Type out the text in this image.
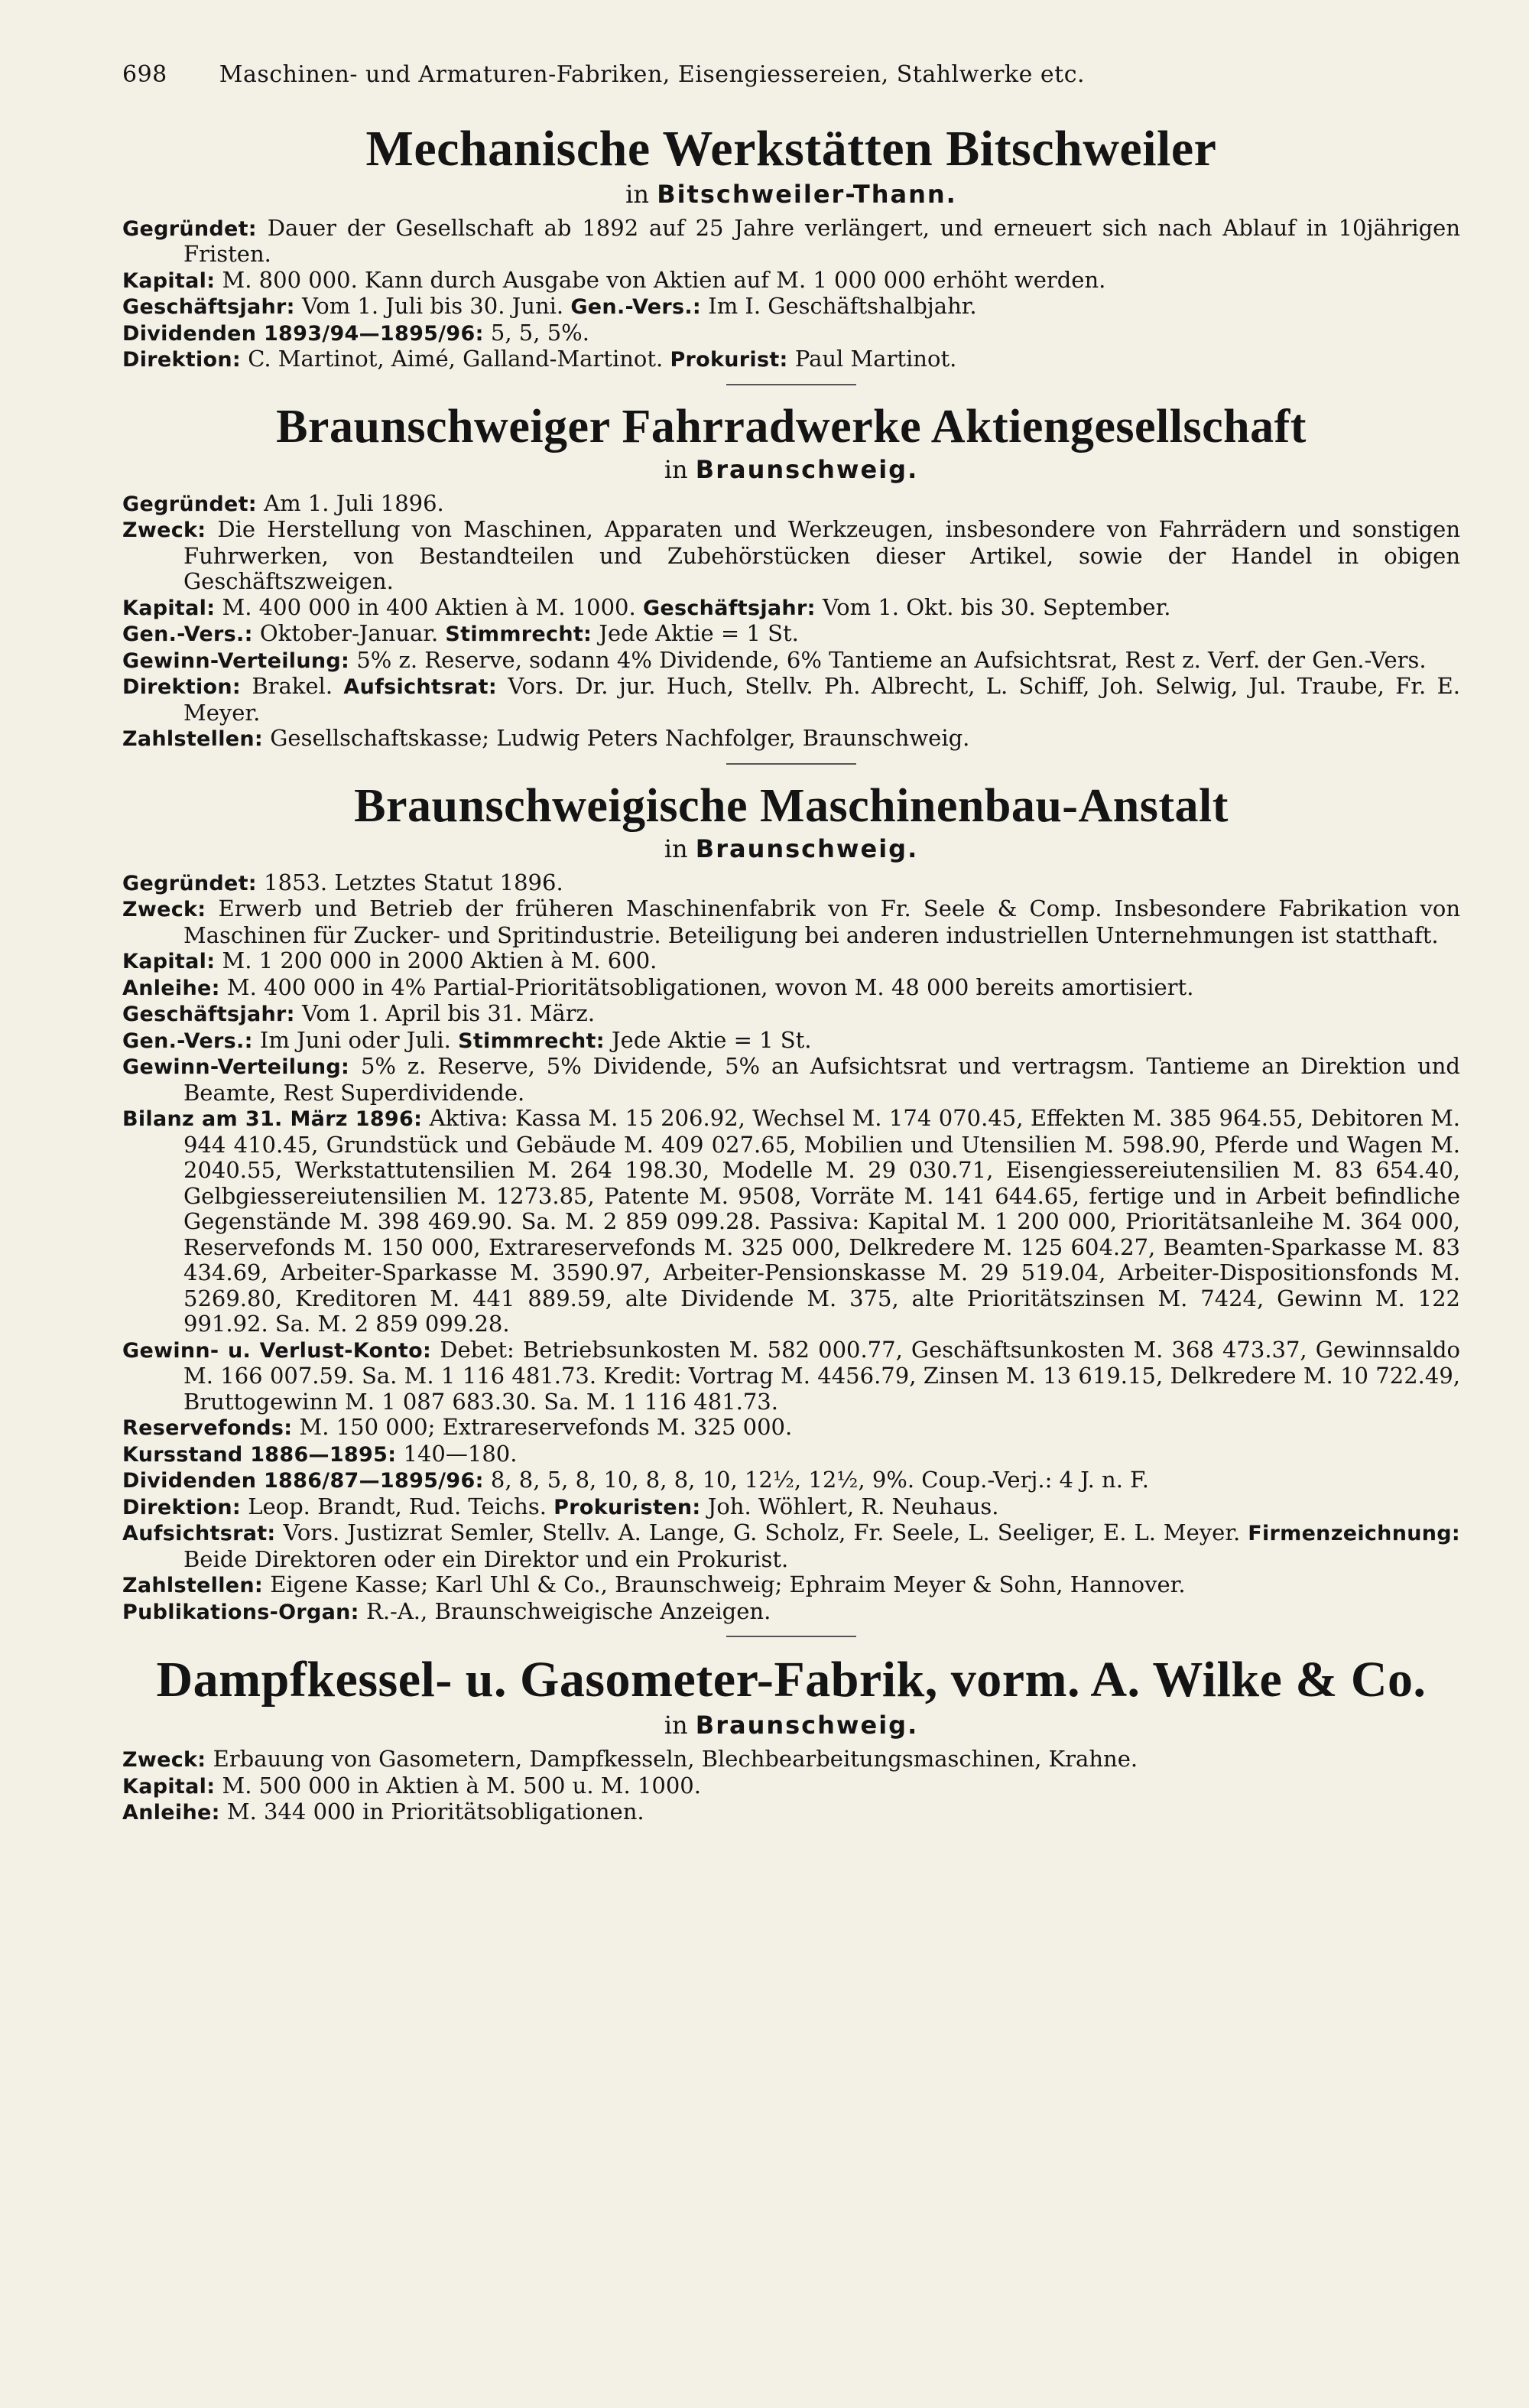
698 Maschinen- und Armaturen-Fabriken, Eisengiessereien, Stahlwerke etc.
Mechanische Werkstätten Bitschweiler
in Bitschweiler-Thann.

Gegründet: Dauer der Gesellschaft ab 1892 auf 25 Jahre verlängert, und erneuert sich nach Ablauf in 10jährigen Fristen.

Kapital: M. 800 000. Kann durch Ausgabe von Aktien auf M. 1 000 000 erhöht werden.

Geschäftsjahr: Vom 1. Juli bis 30. Juni. Gen.-Vers.: Im I. Geschäftshalbjahr.

Dividenden 1893/94—1895/96: 5, 5, 5%.

Direktion: C. Martinot, Aimé, Galland-Martinot. Prokurist: Paul Martinot.

Braunschweiger Fahrradwerke Aktiengesellschaft
in Braunschweig.

Gegründet: Am 1. Juli 1896.

Zweck: Die Herstellung von Maschinen, Apparaten und Werkzeugen, insbesondere von Fahrrädern und sonstigen Fuhrwerken, von Bestandteilen und Zubehörstücken dieser Artikel, sowie der Handel in obigen Geschäftszweigen.

Kapital: M. 400 000 in 400 Aktien à M. 1000. Geschäftsjahr: Vom 1. Okt. bis 30. September.

Gen.-Vers.: Oktober-Januar. Stimmrecht: Jede Aktie = 1 St.

Gewinn-Verteilung: 5% z. Reserve, sodann 4% Dividende, 6% Tantieme an Aufsichtsrat, Rest z. Verf. der Gen.-Vers.

Direktion: Brakel. Aufsichtsrat: Vors. Dr. jur. Huch, Stellv. Ph. Albrecht, L. Schiff, Joh. Selwig, Jul. Traube, Fr. E. Meyer.

Zahlstellen: Gesellschaftskasse; Ludwig Peters Nachfolger, Braunschweig.

Braunschweigische Maschinenbau-Anstalt
in Braunschweig.

Gegründet: 1853. Letztes Statut 1896.

Zweck: Erwerb und Betrieb der früheren Maschinenfabrik von Fr. Seele & Comp. Insbesondere Fabrikation von Maschinen für Zucker- und Spritindustrie. Beteiligung bei anderen industriellen Unternehmungen ist statthaft.

Kapital: M. 1 200 000 in 2000 Aktien à M. 600.

Anleihe: M. 400 000 in 4% Partial-Prioritätsobligationen, wovon M. 48 000 bereits amortisiert.

Geschäftsjahr: Vom 1. April bis 31. März.

Gen.-Vers.: Im Juni oder Juli. Stimmrecht: Jede Aktie = 1 St.

Gewinn-Verteilung: 5% z. Reserve, 5% Dividende, 5% an Aufsichtsrat und vertragsm. Tantieme an Direktion und Beamte, Rest Superdividende.

Bilanz am 31. März 1896: Aktiva: Kassa M. 15 206.92, Wechsel M. 174 070.45, Effekten M. 385 964.55, Debitoren M. 944 410.45, Grundstück und Gebäude M. 409 027.65, Mobilien und Utensilien M. 598.90, Pferde und Wagen M. 2040.55, Werkstattutensilien M. 264 198.30, Modelle M. 29 030.71, Eisengiessereiutensilien M. 83 654.40, Gelbgiessereiutensilien M. 1273.85, Patente M. 9508, Vorräte M. 141 644.65, fertige und in Arbeit befindliche Gegenstände M. 398 469.90. Sa. M. 2 859 099.28. Passiva: Kapital M. 1 200 000, Prioritätsanleihe M. 364 000, Reservefonds M. 150 000, Extrareservefonds M. 325 000, Delkredere M. 125 604.27, Beamten-Sparkasse M. 83 434.69, Arbeiter-Sparkasse M. 3590.97, Arbeiter-Pensionskasse M. 29 519.04, Arbeiter-Dispositionsfonds M. 5269.80, Kreditoren M. 441 889.59, alte Dividende M. 375, alte Prioritätszinsen M. 7424, Gewinn M. 122 991.92. Sa. M. 2 859 099.28.

Gewinn- u. Verlust-Konto: Debet: Betriebsunkosten M. 582 000.77, Geschäftsunkosten M. 368 473.37, Gewinnsaldo M. 166 007.59. Sa. M. 1 116 481.73. Kredit: Vortrag M. 4456.79, Zinsen M. 13 619.15, Delkredere M. 10 722.49, Bruttogewinn M. 1 087 683.30. Sa. M. 1 116 481.73.

Reservefonds: M. 150 000; Extrareservefonds M. 325 000.

Kursstand 1886—1895: 140—180.

Dividenden 1886/87—1895/96: 8, 8, 5, 8, 10, 8, 8, 10, 12½, 12½, 9%. Coup.-Verj.: 4 J. n. F.

Direktion: Leop. Brandt, Rud. Teichs. Prokuristen: Joh. Wöhlert, R. Neuhaus.

Aufsichtsrat: Vors. Justizrat Semler, Stellv. A. Lange, G. Scholz, Fr. Seele, L. Seeliger, E. L. Meyer. Firmenzeichnung: Beide Direktoren oder ein Direktor und ein Prokurist.

Zahlstellen: Eigene Kasse; Karl Uhl & Co., Braunschweig; Ephraim Meyer & Sohn, Hannover.

Publikations-Organ: R.-A., Braunschweigische Anzeigen.

Dampfkessel- u. Gasometer-Fabrik, vorm. A. Wilke & Co.
in Braunschweig.

Zweck: Erbauung von Gasometern, Dampfkesseln, Blechbearbeitungsmaschinen, Krahne.

Kapital: M. 500 000 in Aktien à M. 500 u. M. 1000.

Anleihe: M. 344 000 in Prioritätsobligationen.
